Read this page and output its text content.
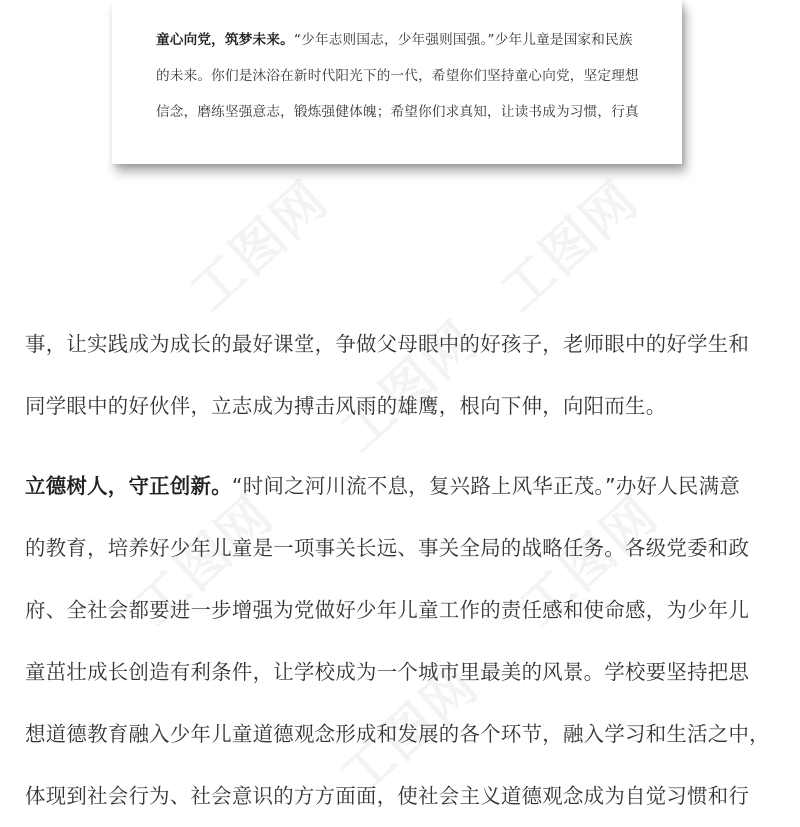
童心向党，筑梦未来。“少年志则国志，少年强则国强。”少年儿童是国家和民族

的未来。你们是沐浴在新时代阳光下的一代，希望你们坚持童心向党，坚定理想

信念，磨练坚强意志，锻炼强健体魄；希望你们求真知，让读书成为习惯，行真

事，让实践成为成长的最好课堂，争做父母眼中的好孩子，老师眼中的好学生和

同学眼中的好伙伴，立志成为搏击风雨的雄鹰，根向下伸，向阳而生。

立德树人，守正创新。“时间之河川流不息，复兴路上风华正茂。”办好人民满意

的教育，培养好少年儿童是一项事关长远、事关全局的战略任务。各级党委和政

府、全社会都要进一步增强为党做好少年儿童工作的责任感和使命感，为少年儿

童茁壮成长创造有利条件，让学校成为一个城市里最美的风景。学校要坚持把思

想道德教育融入少年儿童道德观念形成和发展的各个环节，融入学习和生活之中，

体现到社会行为、社会意识的方方面面，使社会主义道德观念成为自觉习惯和行
